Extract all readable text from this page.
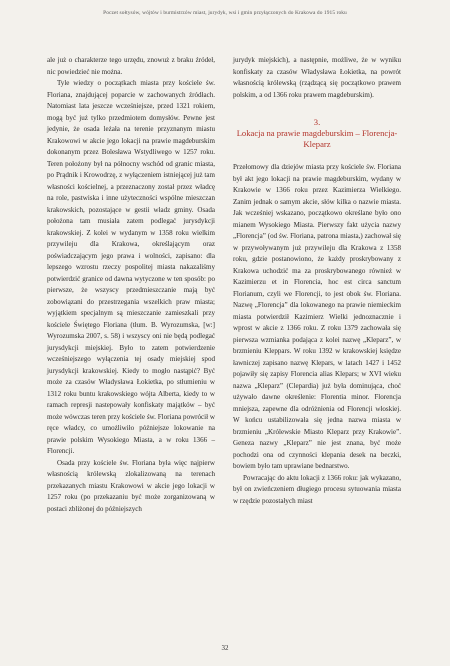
Poczet sołtysów, wójtów i burmistrzów miast, jurydyk, wsi i gmin przyłączonych do Krakowa do 1915 roku

ale już o charakterze tego urzędu, znowuż z braku źródeł, nic powiedzieć nie można.

Tyle wiedzy o początkach miasta przy kościele św. Floriana, znajdującej poparcie w zachowanych źródłach. Natomiast lata jeszcze wcześniejsze, przed 1321 rokiem, mogą być już tylko przedmiotem domysłów. Pewne jest jedynie, że osada leżała na terenie przyznanym miastu Krakowowi w akcie jego lokacji na prawie magdeburskim dokonanym przez Bolesława Wstydliwego w 1257 roku. Teren położony był na północny wschód od granic miasta, po Prądnik i Krowodrzę, z wyłączeniem istniejącej już tam własności kościelnej, a przeznaczony został przez władcę na role, pastwiska i inne użyteczności wspólne mieszczan krakowskich, pozostające w gestii władz gminy. Osada położona tam musiała zatem podlegać jurysdykcji krakowskiej. Z kolei w wydanym w 1358 roku wielkim przywileju dla Krakowa, określającym oraz poświadczającym jego prawa i wolności, zapisano: dla lepszego wzrostu rzeczy pospolitej miasta nakazaliśmy potwierdzić granice od dawna wytyczone w ten sposób: po pierwsze, że wszyscy przedmieszczanie mają być zobowiązani do przestrzegania wszelkich praw miasta; wyjątkiem specjalnym są mieszczanie zamieszkali przy kościele Świętego Floriana (tłum. B. Wyrozumska, [w:] Wyrozumska 2007, s. 58) i wszyscy oni nie będą podlegać jurysdykcji miejskiej. Było to zatem potwierdzenie wcześniejszego wyłączenia tej osady miejskiej spod jurysdykcji krakowskiej. Kiedy to mogło nastąpić? Być może za czasów Władysława Łokietka, po stłumieniu w 1312 roku buntu krakowskiego wójta Alberta, kiedy to w ramach represji nastepowały konfiskaty majątków – być może wówczas teren przy kościele św. Floriana powrócił w ręce władcy, co umożliwiło późniejsze lokowanie na prawie polskim Wysokiego Miasta, a w roku 1366 – Florencji.

Osada przy kościele św. Floriana była więc najpierw własnością królewską zlokalizowaną na terenach przekazanych miastu Krakowowi w akcie jego lokacji w 1257 roku (po przekazaniu być może zorganizowaną w postaci zbliżonej do późniejszych

jurydyk miejskich), a następnie, możliwe, że w wyniku konfiskaty za czasów Władysława Łokietka, na powrót własnością królewską (rządzącą się początkowo prawem polskim, a od 1366 roku prawem magdeburskim).

3.
Lokacja na prawie magdeburskim – Florencja-Kleparz

Przełomowy dla dziejów miasta przy kościele św. Floriana był akt jego lokacji na prawie magdeburskim, wydany w Krakowie w 1366 roku przez Kazimierza Wielkiego. Zanim jednak o samym akcie, słów kilka o nazwie miasta. Jak wcześniej wskazano, początkowo określane było ono mianem Wysokiego Miasta. Pierwszy fakt użycia nazwy „Florencja” (od św. Floriana, patrona miasta,) zachował się w przywoływanym już przywileju dla Krakowa z 1358 roku, gdzie postanowiono, że każdy proskrybowany z Krakowa uchodzić ma za proskrybowanego również w Kazimierzu et in Florencia, hoc est circa sanctum Florianum, czyli we Florencji, to jest obok św. Floriana. Nazwę „Florencja” dla lokowanego na prawie niemieckim miasta potwierdził Kazimierz Wielki jednoznacznie i wprost w akcie z 1366 roku. Z roku 1379 zachowała się pierwsza wzmianka podająca z kolei nazwę „Kleparz”, w brzmieniu Kleppars. W roku 1392 w krakowskiej księdze ławniczej zapisano nazwę Klepars, w latach 1427 i 1452 pojawiły się zapisy Florencia alias Klepars; w XVI wieku nazwa „Kleparz” (Clepardia) już była dominująca, choć używało dawne określenie: Florentia minor. Florencja mniejsza, zapewne dla odróżnienia od Florencji włoskiej. W końcu ustabilizowała się jedna nazwa miasta w brzmieniu „Królewskie Miasto Kleparz przy Krakowie”. Geneza nazwy „Kleparz” nie jest znana, być może pochodzi ona od czynności klepania desek na beczki, bowiem było tam uprawiane bednarstwo.

Powracając do aktu lokacji z 1366 roku: jak wykazano, był on zwieńczeniem długiego procesu sytuowania miasta w rzędzie pozostałych miast

32
